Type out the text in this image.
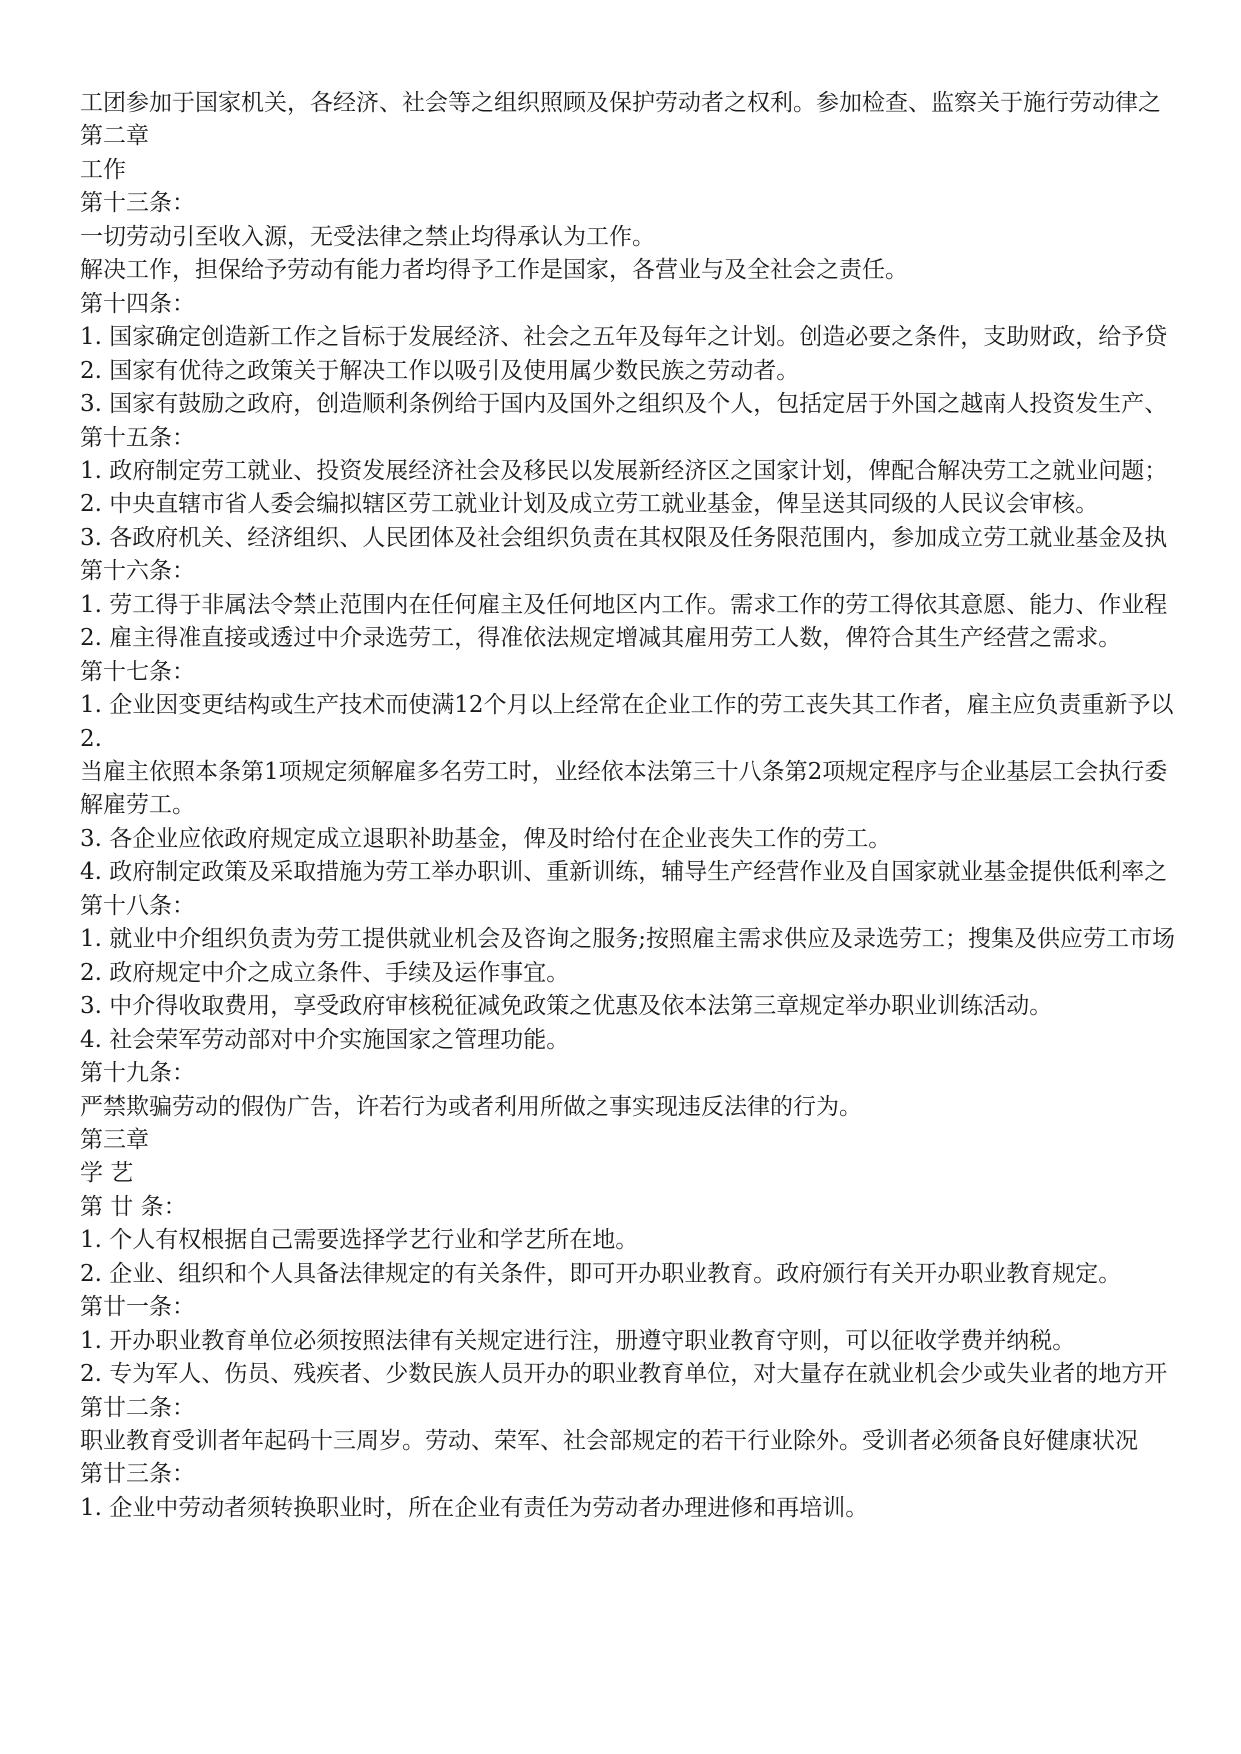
工团参加于国家机关，各经济、社会等之组织照顾及保护劳动者之权利。参加检查、监察关于施行劳动律之
第二章
工作
第十三条：
一切劳动引至收入源，无受法律之禁止均得承认为工作。
解决工作，担保给予劳动有能力者均得予工作是国家，各营业与及全社会之责任。
第十四条：
1. 国家确定创造新工作之旨标于发展经济、社会之五年及每年之计划。创造必要之条件，支助财政，给予贷
2. 国家有优待之政策关于解决工作以吸引及使用属少数民族之劳动者。
3. 国家有鼓励之政府，创造顺利条例给于国内及国外之组织及个人，包括定居于外国之越南人投资发生产、
第十五条：
1. 政府制定劳工就业、投资发展经济社会及移民以发展新经济区之国家计划，俾配合解决劳工之就业问题；
2. 中央直辖市省人委会编拟辖区劳工就业计划及成立劳工就业基金，俾呈送其同级的人民议会审核。
3. 各政府机关、经济组织、人民团体及社会组织负责在其权限及任务限范围内，参加成立劳工就业基金及执
第十六条：
1. 劳工得于非属法令禁止范围内在任何雇主及任何地区内工作。需求工作的劳工得依其意愿、能力、作业程
2. 雇主得准直接或透过中介录选劳工，得准依法规定增减其雇用劳工人数，俾符合其生产经营之需求。
第十七条：
1. 企业因变更结构或生产技术而使满12个月以上经常在企业工作的劳工丧失其工作者，雇主应负责重新予以
2.
当雇主依照本条第1项规定须解雇多名劳工时，业经依本法第三十八条第2项规定程序与企业基层工会执行委
解雇劳工。
3. 各企业应依政府规定成立退职补助基金，俾及时给付在企业丧失工作的劳工。
4. 政府制定政策及采取措施为劳工举办职训、重新训练，辅导生产经营作业及自国家就业基金提供低利率之
第十八条：
1. 就业中介组织负责为劳工提供就业机会及咨询之服务;按照雇主需求供应及录选劳工；搜集及供应劳工市场
2. 政府规定中介之成立条件、手续及运作事宜。
3. 中介得收取费用，享受政府审核税征减免政策之优惠及依本法第三章规定举办职业训练活动。
4. 社会荣军劳动部对中介实施国家之管理功能。
第十九条：
严禁欺骗劳动的假伪广告，许若行为或者利用所做之事实现违反法律的行为。
第三章
学 艺
第 廿 条：
1. 个人有权根据自己需要选择学艺行业和学艺所在地。
2. 企业、组织和个人具备法律规定的有关条件，即可开办职业教育。政府颁行有关开办职业教育规定。
第廿一条：
1. 开办职业教育单位必须按照法律有关规定进行注，册遵守职业教育守则，可以征收学费并纳税。
2. 专为军人、伤员、残疾者、少数民族人员开办的职业教育单位，对大量存在就业机会少或失业者的地方开
第廿二条：
职业教育受训者年起码十三周岁。劳动、荣军、社会部规定的若干行业除外。受训者必须备良好健康状况
第廿三条：
1. 企业中劳动者须转换职业时，所在企业有责任为劳动者办理进修和再培训。
